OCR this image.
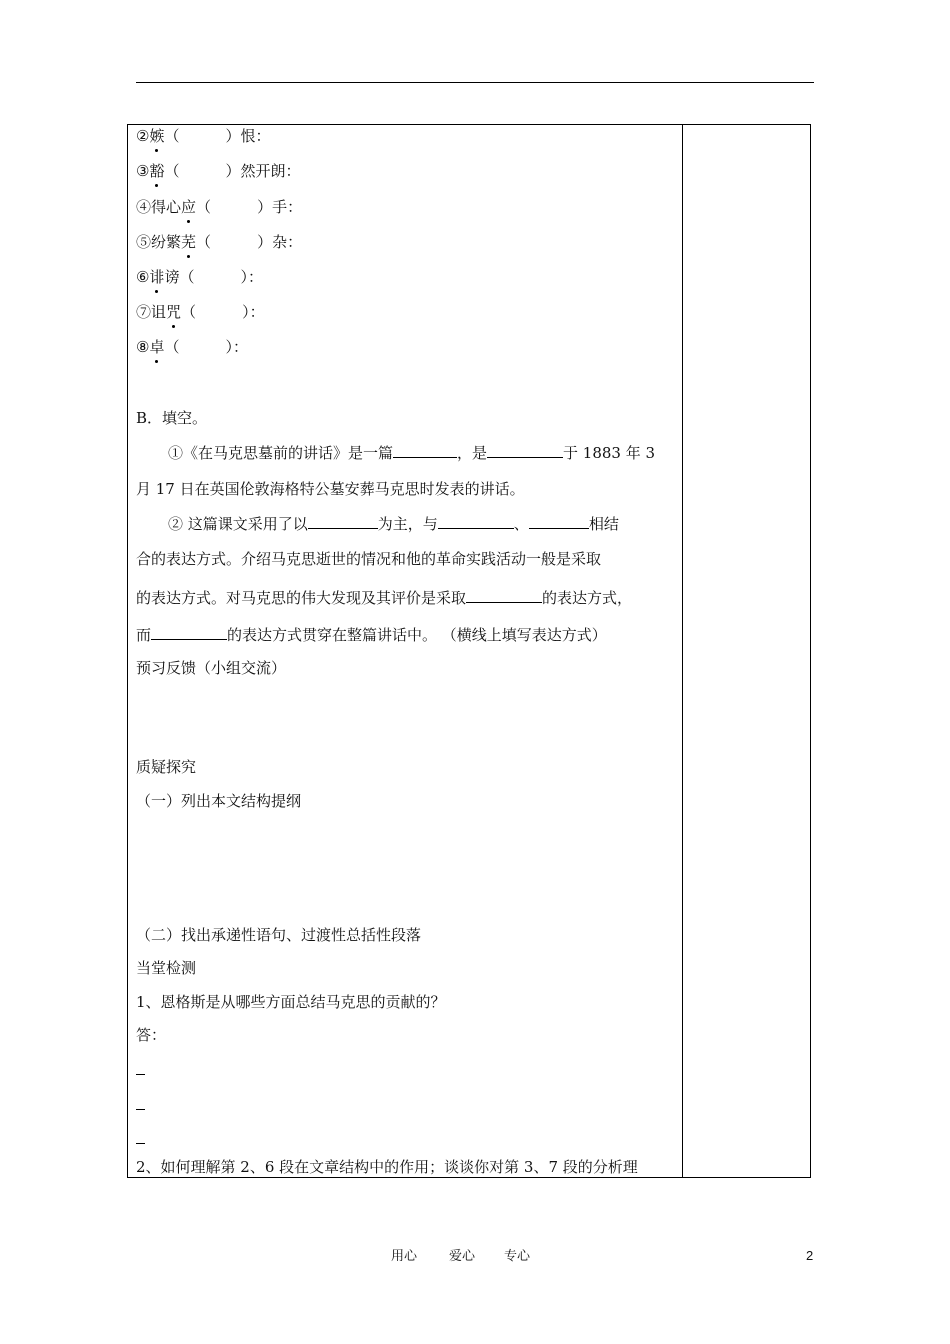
②嫉（	）恨：
③豁（	）然开朗：
④得心应（	）手：
⑤纷繁芜（	）杂：
⑥诽谤（	）：
⑦诅咒（	）：
⑧卓（	）：
B．填空。
①《在马克思墓前的讲话》是一篇	，是	于 1883 年 3
月 17 日在英国伦敦海格特公墓安葬马克思时发表的讲话。
② 这篇课文采用了以	为主，与	、	相结
合的表达方式。介绍马克思逝世的情况和他的革命实践活动一般是采取
的表达方式。对马克思的伟大发现及其评价是采取	的表达方式，
而	的表达方式贯穿在整篇讲话中。 （横线上填写表达方式）
预习反馈（小组交流）
质疑探究
（一）列出本文结构提纲
（二）找出承递性语句、过渡性总括性段落
当堂检测
1、恩格斯是从哪些方面总结马克思的贡献的？
答：
2、如何理解第 2、6 段在文章结构中的作用；谈谈你对第 3、7 段的分析理
用心 爱心 专心	2
